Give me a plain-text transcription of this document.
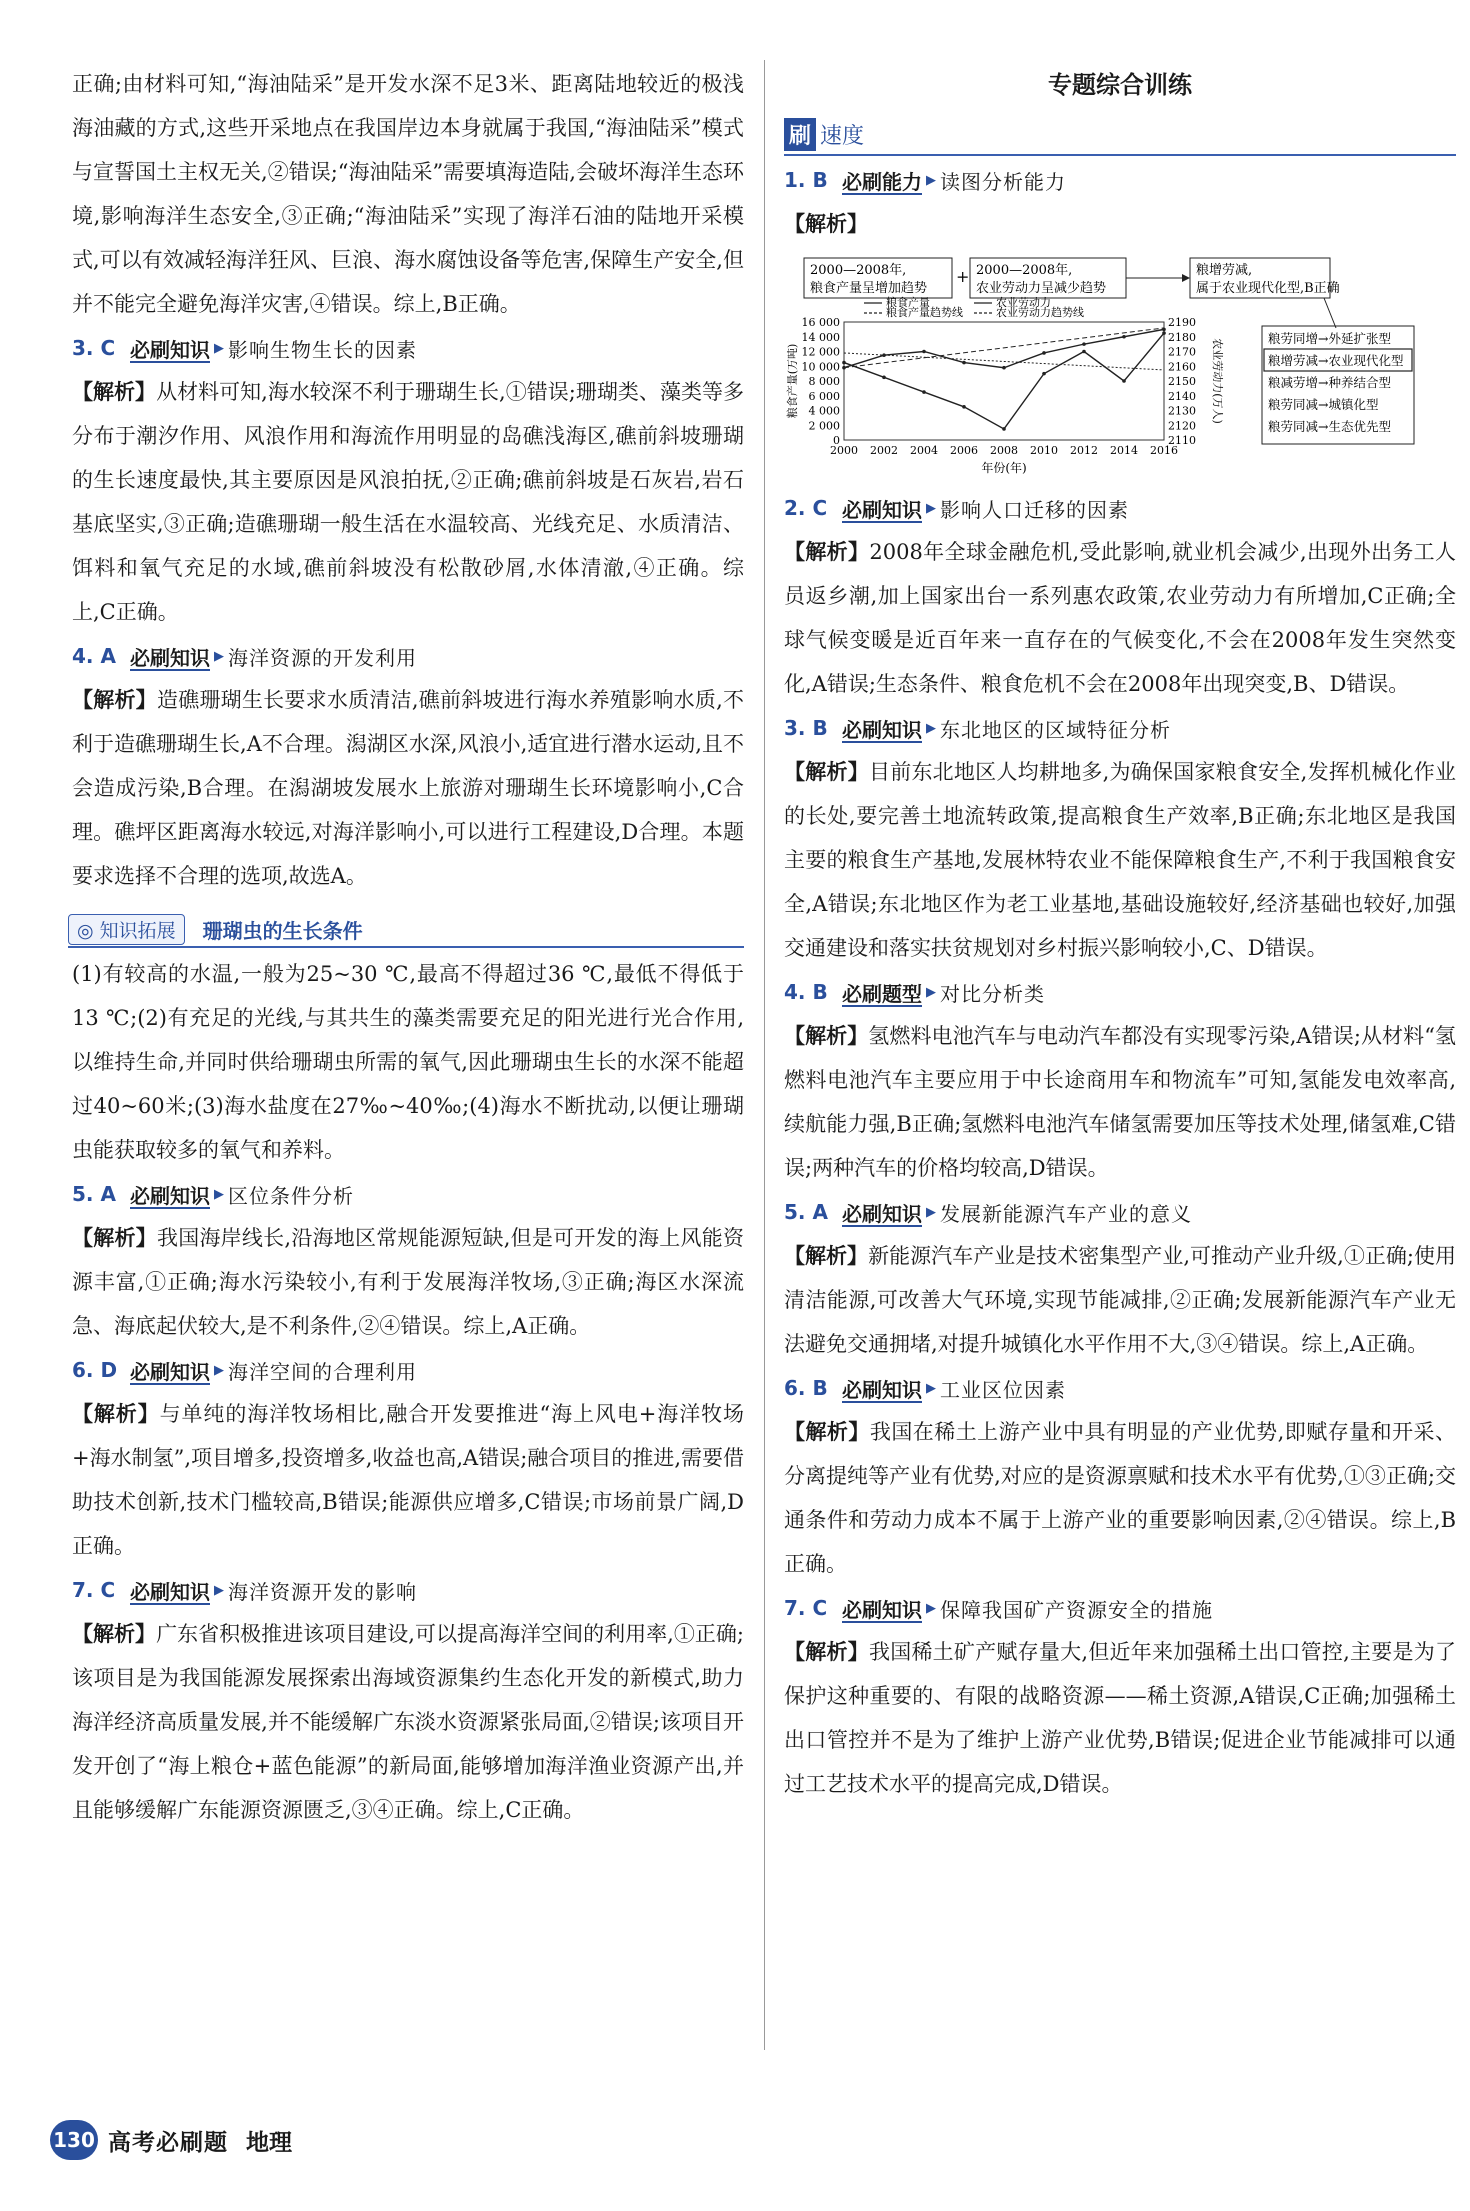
正确;由材料可知,“海油陆采”是开发水深不足3米、距离陆地较近的极浅海油藏的方式,这些开采地点在我国岸边本身就属于我国,“海油陆采”模式与宣誓国土主权无关,②错误;“海油陆采”需要填海造陆,会破坏海洋生态环境,影响海洋生态安全,③正确;“海油陆采”实现了海洋石油的陆地开采模式,可以有效减轻海洋狂风、巨浪、海水腐蚀设备等危害,保障生产安全,但并不能完全避免海洋灾害,④错误。综上,B正确。

3. C 必刷知识 ▶ 影响生物生长的因素

【解析】从材料可知,海水较深不利于珊瑚生长,①错误;珊瑚类、藻类等多分布于潮汐作用、风浪作用和海流作用明显的岛礁浅海区,礁前斜坡珊瑚的生长速度最快,其主要原因是风浪拍抚,②正确;礁前斜坡是石灰岩,岩石基底坚实,③正确;造礁珊瑚一般生活在水温较高、光线充足、水质清洁、饵料和氧气充足的水域,礁前斜坡没有松散砂屑,水体清澈,④正确。综上,C正确。

4. A 必刷知识 ▶ 海洋资源的开发利用

【解析】造礁珊瑚生长要求水质清洁,礁前斜坡进行海水养殖影响水质,不利于造礁珊瑚生长,A不合理。潟湖区水深,风浪小,适宜进行潜水运动,且不会造成污染,B合理。在潟湖坡发展水上旅游对珊瑚生长环境影响小,C合理。礁坪区距离海水较远,对海洋影响小,可以进行工程建设,D合理。本题要求选择不合理的选项,故选A。

◎ 知识拓展	珊瑚虫的生长条件

(1)有较高的水温,一般为25~30 ℃,最高不得超过36 ℃,最低不得低于13 ℃;(2)有充足的光线,与其共生的藻类需要充足的阳光进行光合作用,以维持生命,并同时供给珊瑚虫所需的氧气,因此珊瑚虫生长的水深不能超过40~60米;(3)海水盐度在27‰~40‰;(4)海水不断扰动,以便让珊瑚虫能获取较多的氧气和养料。

5. A 必刷知识 ▶ 区位条件分析

【解析】我国海岸线长,沿海地区常规能源短缺,但是可开发的海上风能资源丰富,①正确;海水污染较小,有利于发展海洋牧场,③正确;海区水深流急、海底起伏较大,是不利条件,②④错误。综上,A正确。

6. D 必刷知识 ▶ 海洋空间的合理利用

【解析】与单纯的海洋牧场相比,融合开发要推进“海上风电+海洋牧场+海水制氢”,项目增多,投资增多,收益也高,A错误;融合项目的推进,需要借助技术创新,技术门槛较高,B错误;能源供应增多,C错误;市场前景广阔,D正确。

7. C 必刷知识 ▶ 海洋资源开发的影响

【解析】广东省积极推进该项目建设,可以提高海洋空间的利用率,①正确;该项目是为我国能源发展探索出海域资源集约生态化开发的新模式,助力海洋经济高质量发展,并不能缓解广东淡水资源紧张局面,②错误;该项目开发开创了“海上粮仓+蓝色能源”的新局面,能够增加海洋渔业资源产出,并且能够缓解广东能源资源匮乏,③④正确。综上,C正确。

专题综合训练
刷 速度
1. B 必刷能力 ▶ 读图分析能力

【解析】

2000—2008年,
粮食产量呈增加趋势
+ 2000—2008年,
农业劳动力呈减少趋势
粮增劳减,
属于农业现代化型,B正确
粮劳同增→外延扩张型
粮增劳减→农业现代化型
粮减劳增→种养结合型
粮劳同减→城镇化型
粮劳同减→生态优先型
16 000
14 000
12 000
10 000
8 000
6 000
4 000
2 000
0
2190
2180
2170
2160
2150
2140
2130
2120
2110
2000 2002 2004 2006 2008 2010 2012 2014 2016
年份(年)
粮食产量(万吨)	农业劳动力(万人)
粮食产量
粮食产量趋势线
农业劳动力
农业劳动力趋势线
2. C 必刷知识 ▶ 影响人口迁移的因素

【解析】2008年全球金融危机,受此影响,就业机会减少,出现外出务工人员返乡潮,加上国家出台一系列惠农政策,农业劳动力有所增加,C正确;全球气候变暖是近百年来一直存在的气候变化,不会在2008年发生突然变化,A错误;生态条件、粮食危机不会在2008年出现突变,B、D错误。

3. B 必刷知识 ▶ 东北地区的区域特征分析

【解析】目前东北地区人均耕地多,为确保国家粮食安全,发挥机械化作业的长处,要完善土地流转政策,提高粮食生产效率,B正确;东北地区是我国主要的粮食生产基地,发展林特农业不能保障粮食生产,不利于我国粮食安全,A错误;东北地区作为老工业基地,基础设施较好,经济基础也较好,加强交通建设和落实扶贫规划对乡村振兴影响较小,C、D错误。

4. B 必刷题型 ▶ 对比分析类

【解析】氢燃料电池汽车与电动汽车都没有实现零污染,A错误;从材料“氢燃料电池汽车主要应用于中长途商用车和物流车”可知,氢能发电效率高,续航能力强,B正确;氢燃料电池汽车储氢需要加压等技术处理,储氢难,C错误;两种汽车的价格均较高,D错误。

5. A 必刷知识 ▶ 发展新能源汽车产业的意义

【解析】新能源汽车产业是技术密集型产业,可推动产业升级,①正确;使用清洁能源,可改善大气环境,实现节能减排,②正确;发展新能源汽车产业无法避免交通拥堵,对提升城镇化水平作用不大,③④错误。综上,A正确。

6. B 必刷知识 ▶ 工业区位因素

【解析】我国在稀土上游产业中具有明显的产业优势,即赋存量和开采、分离提纯等产业有优势,对应的是资源禀赋和技术水平有优势,①③正确;交通条件和劳动力成本不属于上游产业的重要影响因素,②④错误。综上,B正确。

7. C 必刷知识 ▶ 保障我国矿产资源安全的措施

【解析】我国稀土矿产赋存量大,但近年来加强稀土出口管控,主要是为了保护这种重要的、有限的战略资源——稀土资源,A错误,C正确;加强稀土出口管控并不是为了维护上游产业优势,B错误;促进企业节能减排可以通过工艺技术水平的提高完成,D错误。

130 高考必刷题 地理
